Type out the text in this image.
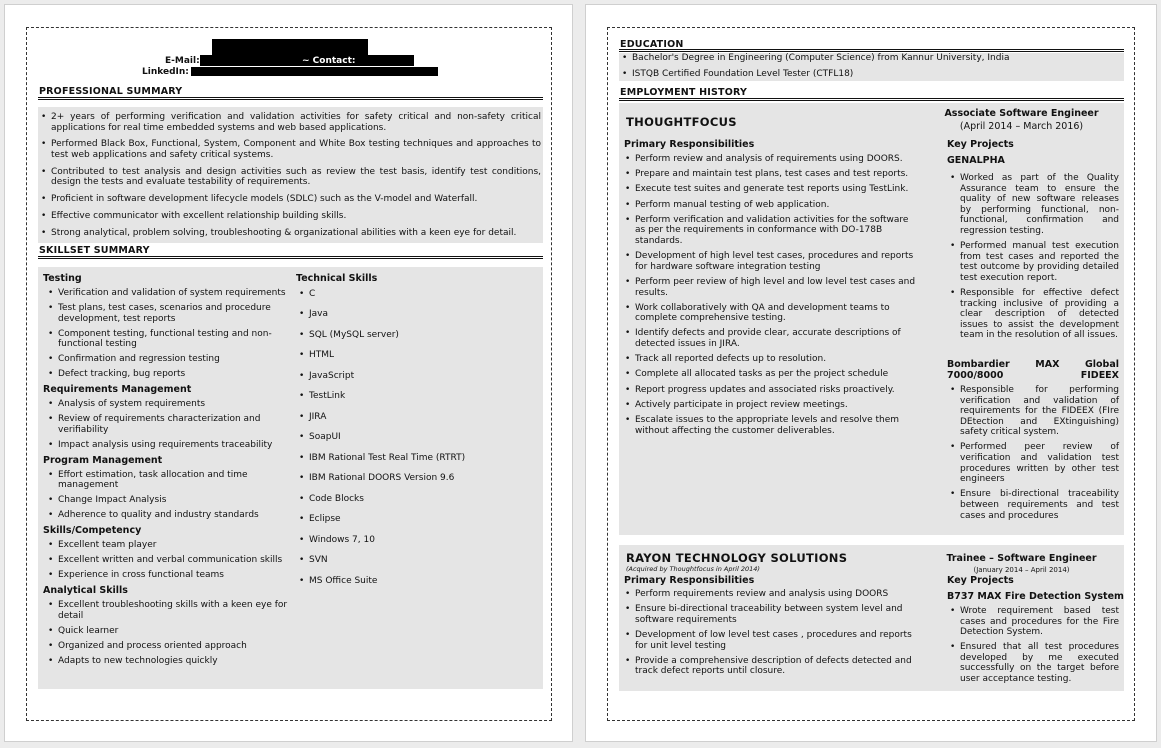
E-Mail:	~ Contact:
LinkedIn:
PROFESSIONAL SUMMARY
• 2+ years of performing verification and validation activities for safety critical and non-safety critical applications for real time embedded systems and web based applications.
• Performed Black Box, Functional, System, Component and White Box testing techniques and approaches to test web applications and safety critical systems.
• Contributed to test analysis and design activities such as review the test basis, identify test conditions, design the tests and evaluate testability of requirements.
• Proficient in software development lifecycle models (SDLC) such as the V-model and Waterfall.
• Effective communicator with excellent relationship building skills.
• Strong analytical, problem solving, troubleshooting & organizational abilities with a keen eye for detail.
SKILLSET SUMMARY
Testing
• Verification and validation of system requirements
• Test plans, test cases, scenarios and procedure development, test reports
• Component testing, functional testing and non-functional testing
• Confirmation and regression testing
• Defect tracking, bug reports
Requirements Management
• Analysis of system requirements
• Review of requirements characterization and verifiability
• Impact analysis using requirements traceability
Program Management
• Effort estimation, task allocation and time management
• Change Impact Analysis
• Adherence to quality and industry standards
Skills/Competency
• Excellent team player
• Excellent written and verbal communication skills
• Experience in cross functional teams
Analytical Skills
• Excellent troubleshooting skills with a keen eye for detail
• Quick learner
• Organized and process oriented approach
• Adapts to new technologies quickly
Technical Skills
• C
• Java
• SQL (MySQL server)
• HTML
• JavaScript
• TestLink
• JIRA
• SoapUI
• IBM Rational Test Real Time (RTRT)
• IBM Rational DOORS Version 9.6
• Code Blocks
• Eclipse
• Windows 7, 10
• SVN
• MS Office Suite
EDUCATION
• Bachelor's Degree in Engineering (Computer Science) from Kannur University, India
• ISTQB Certified Foundation Level Tester (CTFL18)
EMPLOYMENT HISTORY
THOUGHTFOCUS
Associate Software Engineer
(April 2014 – March 2016)
Primary Responsibilities
• Perform review and analysis of requirements using DOORS.
• Prepare and maintain test plans, test cases and test reports.
• Execute test suites and generate test reports using TestLink.
• Perform manual testing of web application.
• Perform verification and validation activities for the software as per the requirements in conformance with DO-178B standards.
• Development of high level test cases, procedures and reports for hardware software integration testing
• Perform peer review of high level and low level test cases and results.
• Work collaboratively with QA and development teams to complete comprehensive testing.
• Identify defects and provide clear, accurate descriptions of detected issues in JIRA.
• Track all reported defects up to resolution.
• Complete all allocated tasks as per the project schedule
• Report progress updates and associated risks proactively.
• Actively participate in project review meetings.
• Escalate issues to the appropriate levels and resolve them without affecting the customer deliverables.
Key Projects
GENALPHA
• Worked as part of the Quality Assurance team to ensure the quality of new software releases by performing functional, non-functional, confirmation and regression testing.
• Performed manual test execution from test cases and reported the test outcome by providing detailed test execution report.
• Responsible for effective defect tracking inclusive of providing a clear description of detected issues to assist the development team in the resolution of all issues.
Bombardier MAX Global 7000/8000 FIDEEX
• Responsible for performing verification and validation of requirements for the FIDEEX (FIre DEtection and EXtinguishing) safety critical system.
• Performed peer review of verification and validation test procedures written by other test engineers
• Ensure bi-directional traceability between requirements and test cases and procedures
RAYON TECHNOLOGY SOLUTIONS
(Acquired by Thoughtfocus in April 2014)
Trainee – Software Engineer
(January 2014 – April 2014)
Primary Responsibilities
• Perform requirements review and analysis using DOORS
• Ensure bi-directional traceability between system level and software requirements
• Development of low level test cases , procedures and reports for unit level testing
• Provide a comprehensive description of defects detected and track defect reports until closure.
Key Projects
B737 MAX Fire Detection System
• Wrote requirement based test cases and procedures for the Fire Detection System.
• Ensured that all test procedures developed by me executed successfully on the target before user acceptance testing.
